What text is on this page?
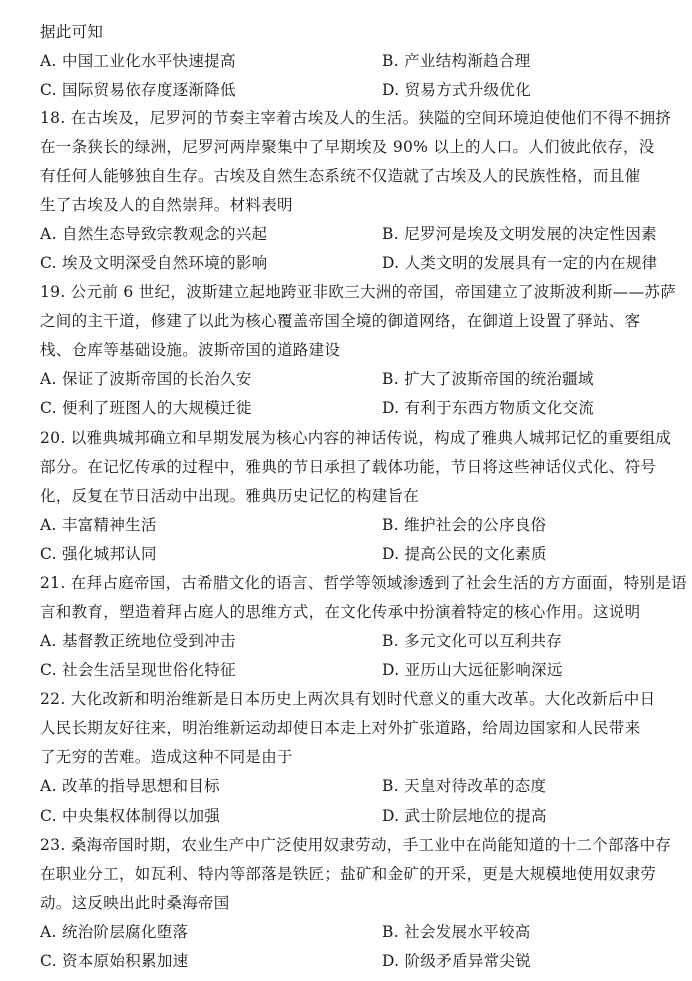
据此可知
A. 中国工业化水平快速提高	B. 产业结构渐趋合理
C. 国际贸易依存度逐渐降低	D. 贸易方式升级优化
18. 在古埃及，尼罗河的节奏主宰着古埃及人的生活。狭隘的空间环境迫使他们不得不拥挤
在一条狭长的绿洲，尼罗河两岸聚集中了早期埃及 90% 以上的人口。人们彼此依存，没
有任何人能够独自生存。古埃及自然生态系统不仅造就了古埃及人的民族性格，而且催
生了古埃及人的自然崇拜。材料表明
A. 自然生态导致宗教观念的兴起	B. 尼罗河是埃及文明发展的决定性因素
C. 埃及文明深受自然环境的影响	D. 人类文明的发展具有一定的内在规律
19. 公元前 6 世纪，波斯建立起地跨亚非欧三大洲的帝国，帝国建立了波斯波利斯——苏萨
之间的主干道，修建了以此为核心覆盖帝国全境的御道网络，在御道上设置了驿站、客
栈、仓库等基础设施。波斯帝国的道路建设
A. 保证了波斯帝国的长治久安	B. 扩大了波斯帝国的统治疆域
C. 便利了班图人的大规模迁徙	D. 有利于东西方物质文化交流
20. 以雅典城邦确立和早期发展为核心内容的神话传说，构成了雅典人城邦记忆的重要组成
部分。在记忆传承的过程中，雅典的节日承担了载体功能，节日将这些神话仪式化、符号
化，反复在节日活动中出现。雅典历史记忆的构建旨在
A. 丰富精神生活	B. 维护社会的公序良俗
C. 强化城邦认同	D. 提高公民的文化素质
21. 在拜占庭帝国，古希腊文化的语言、哲学等领域渗透到了社会生活的方方面面，特别是语
言和教育，塑造着拜占庭人的思维方式，在文化传承中扮演着特定的核心作用。这说明
A. 基督教正统地位受到冲击	B. 多元文化可以互利共存
C. 社会生活呈现世俗化特征	D. 亚历山大远征影响深远
22. 大化改新和明治维新是日本历史上两次具有划时代意义的重大改革。大化改新后中日
人民长期友好往来，明治维新运动却使日本走上对外扩张道路，给周边国家和人民带来
了无穷的苦难。造成这种不同是由于
A. 改革的指导思想和目标	B. 天皇对待改革的态度
C. 中央集权体制得以加强	D. 武士阶层地位的提高
23. 桑海帝国时期，农业生产中广泛使用奴隶劳动，手工业中在尚能知道的十二个部落中存
在职业分工，如瓦利、特内等部落是铁匠；盐矿和金矿的开采，更是大规模地使用奴隶劳
动。这反映出此时桑海帝国
A. 统治阶层腐化堕落	B. 社会发展水平较高
C. 资本原始积累加速	D. 阶级矛盾异常尖锐
